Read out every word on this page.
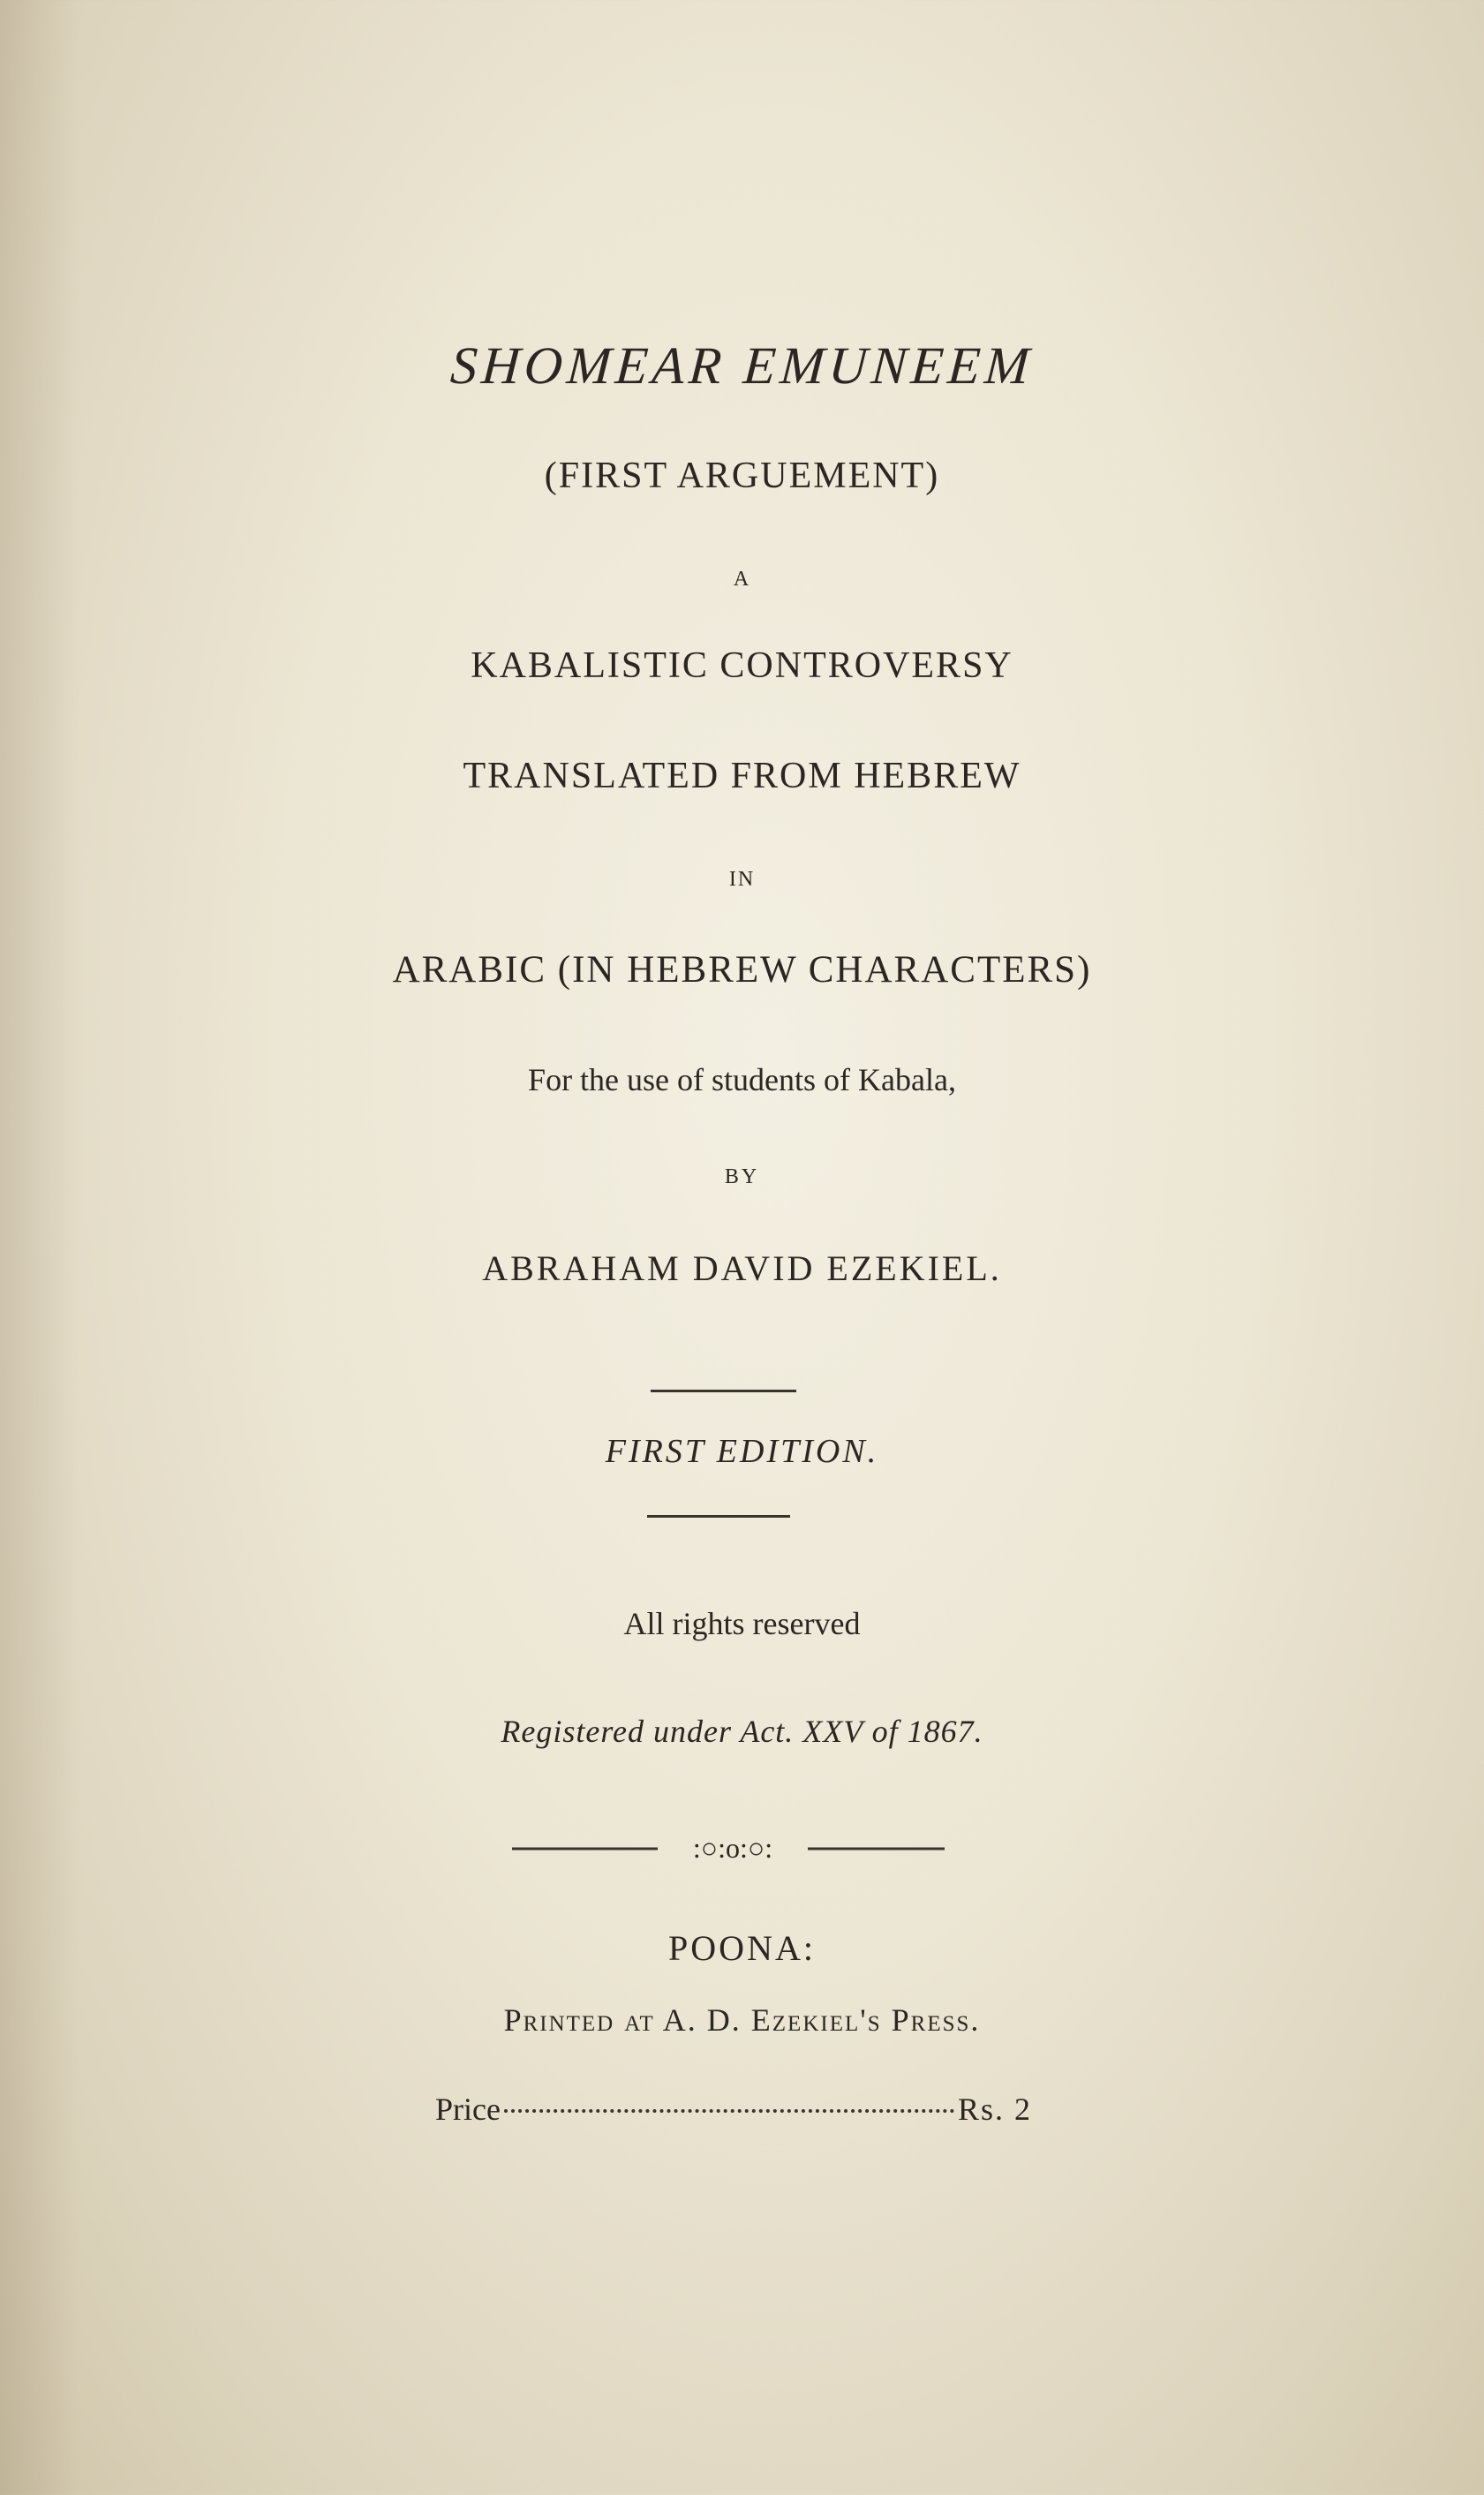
SHOMEAR EMUNEEM
(FIRST ARGUEMENT)
A
KABALISTIC CONTROVERSY
TRANSLATED FROM HEBREW
IN
ARABIC (IN HEBREW CHARACTERS)
For the use of students of Kabala,
BY
ABRAHAM DAVID EZEKIEL.
FIRST EDITION.
All rights reserved
Registered under Act. XXV of 1867.
:○:o:○:
POONA:
Printed at A. D. Ezekiel's Press.
Price	Rs. 2
